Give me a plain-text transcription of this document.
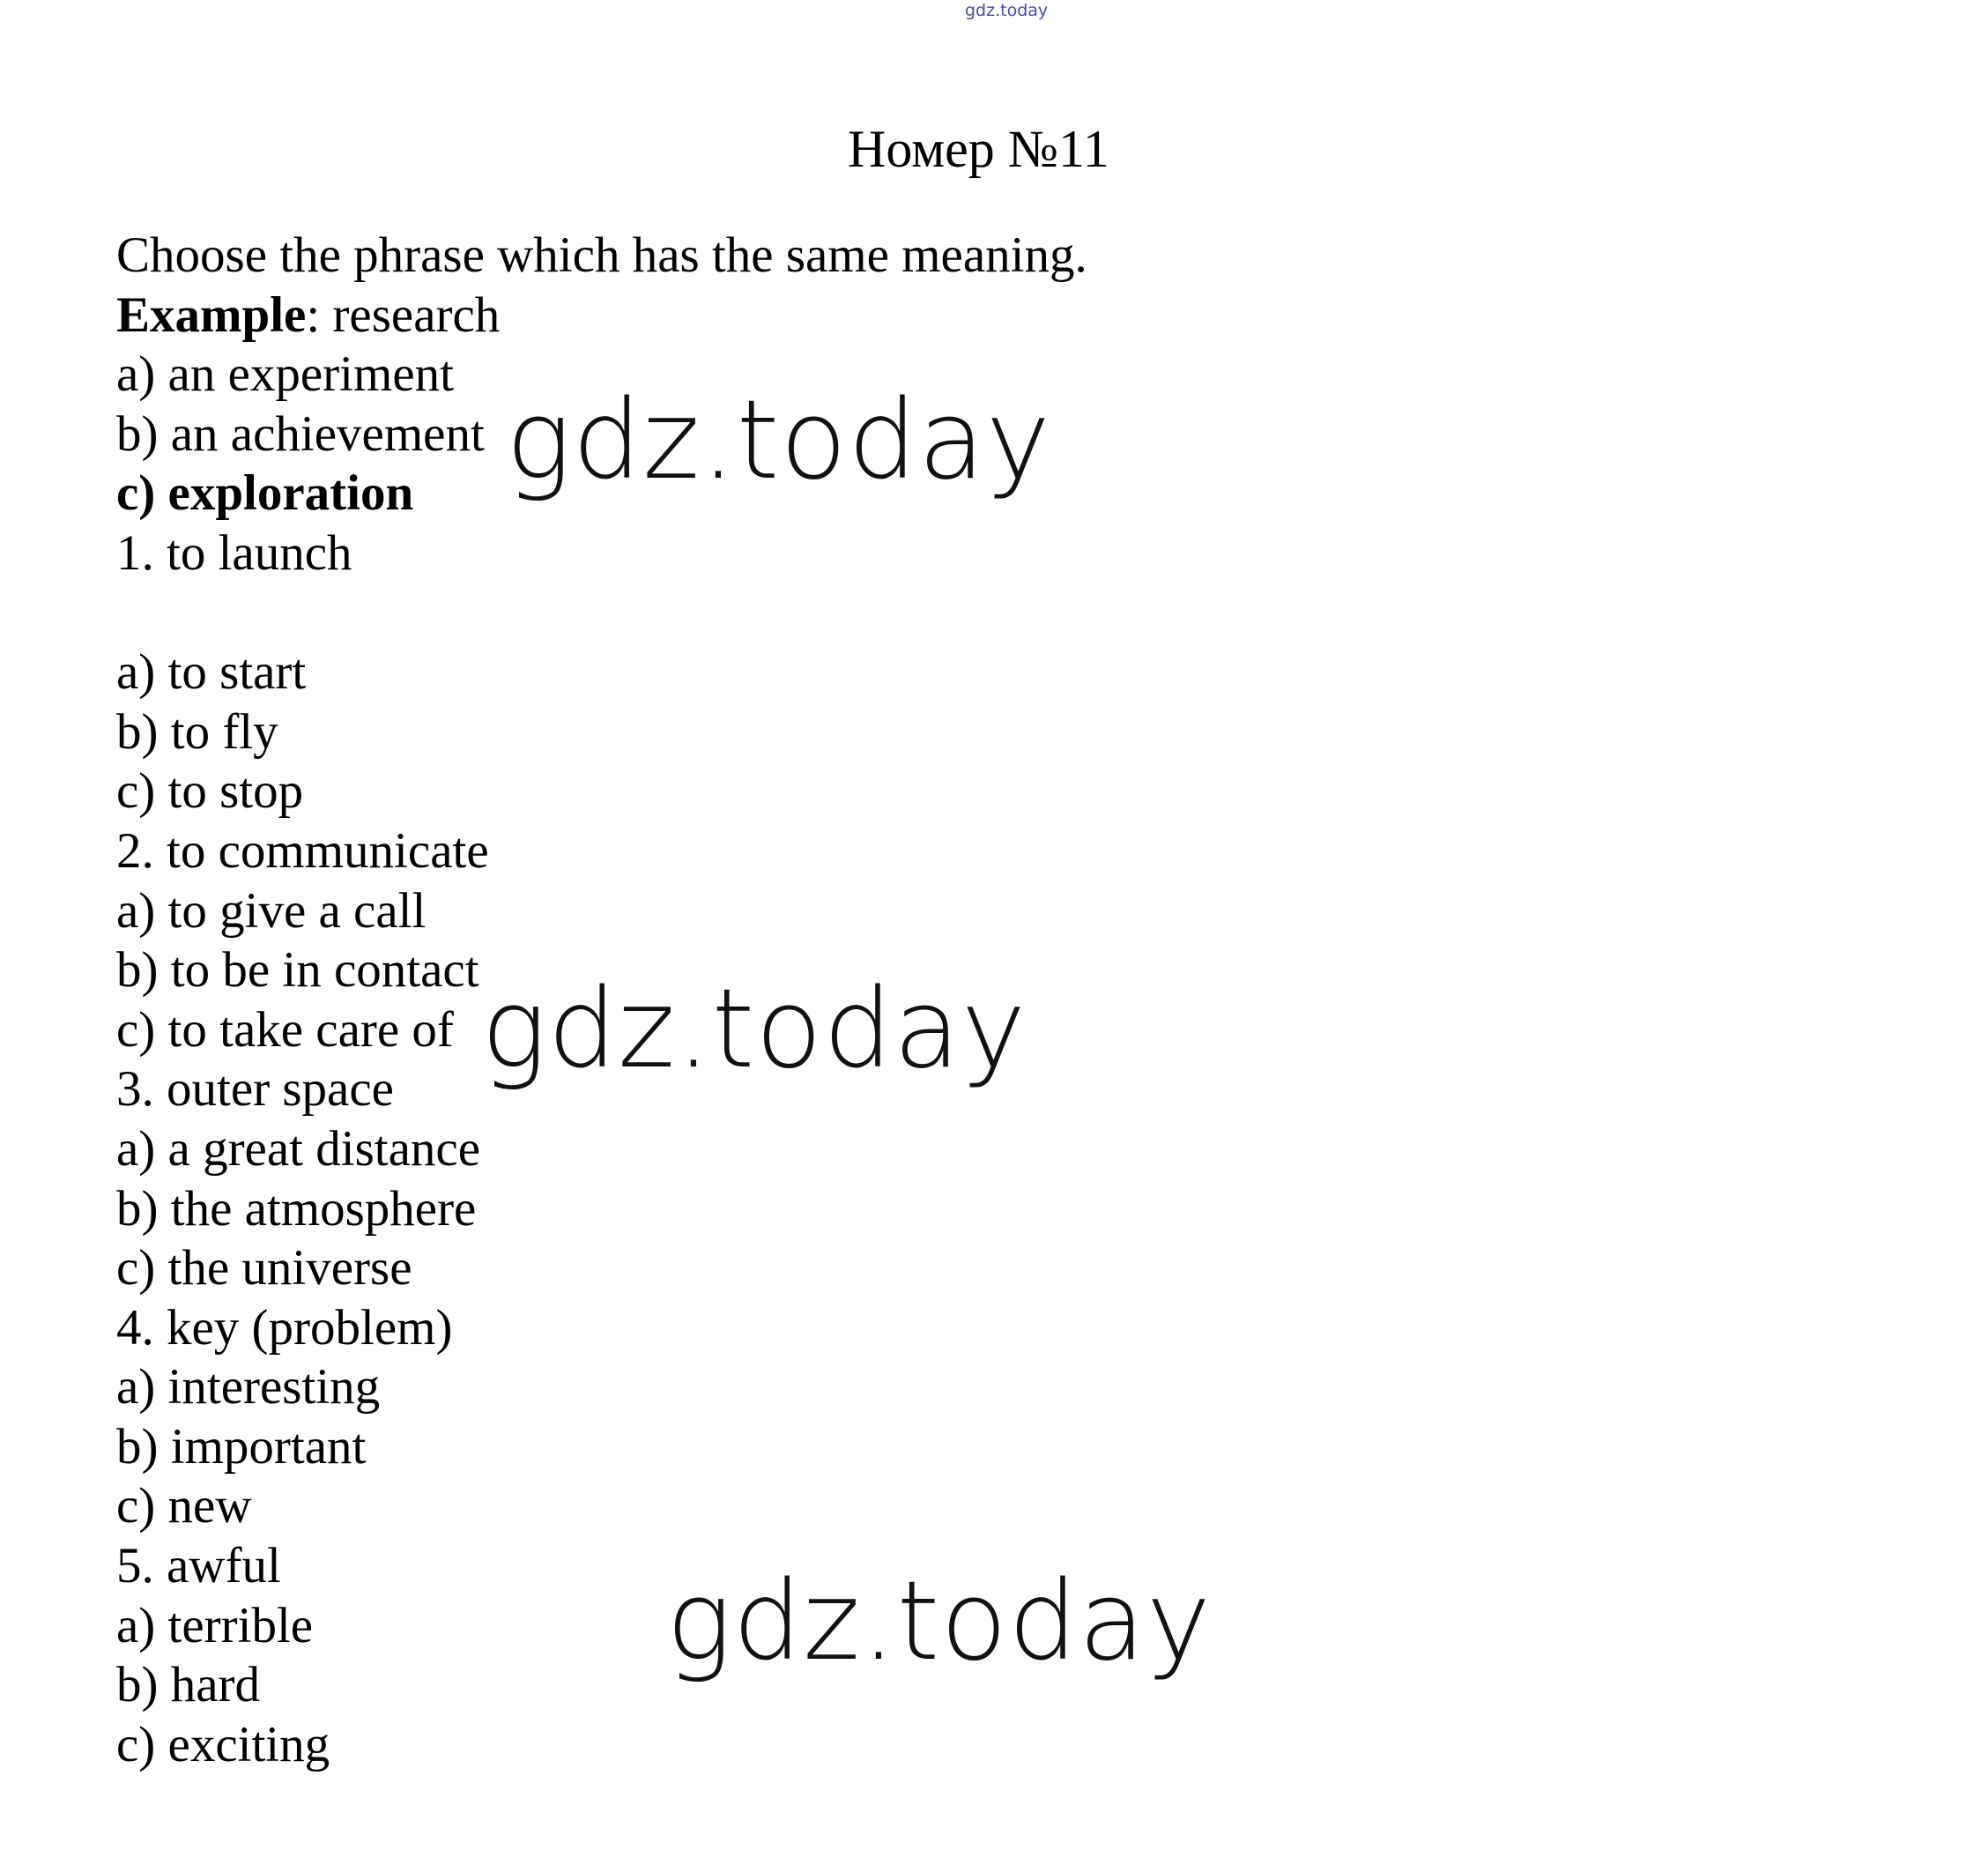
gdz.today
Номер №11
Choose the phrase which has the same meaning.
Example: research
a) an experiment
b) an achievement
c) exploration
1. to launch
a) to start
b) to fly
c) to stop
2. to communicate
a) to give a call
b) to be in contact
c) to take care of
3. outer space
a) a great distance
b) the atmosphere
c) the universe
4. key (problem)
a) interesting
b) important
c) new
5. awful
a) terrible
b) hard
c) exciting
gdz.today
gdz.today
gdz.today
